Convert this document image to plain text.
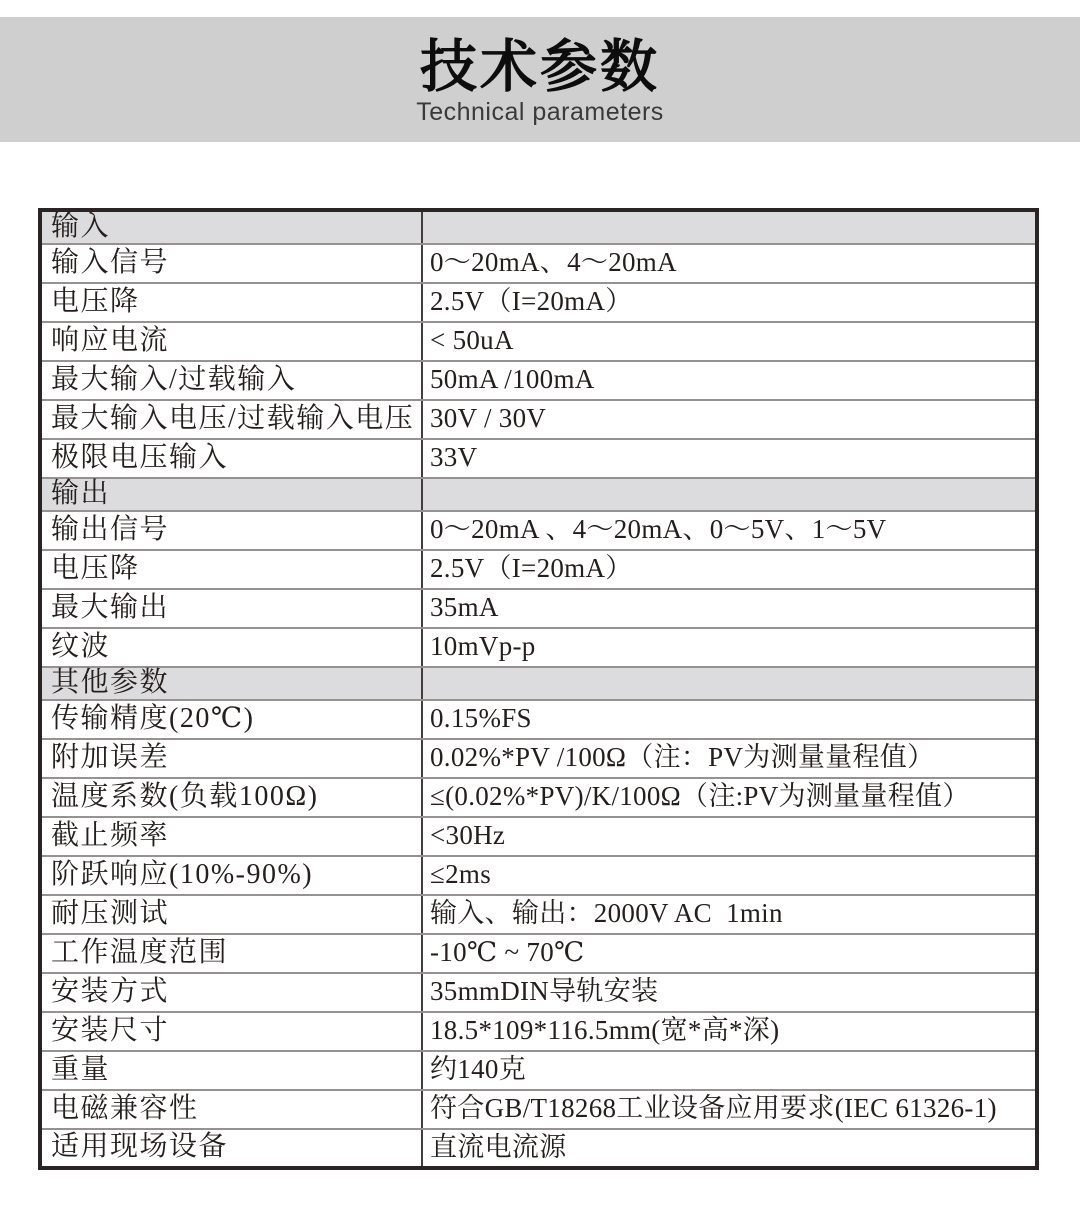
技术参数
Technical parameters
输入	
输入信号	0～20mA、4～20mA
电压降	2.5V（I=20mA）
响应电流	< 50uA
最大输入/过载输入	50mA /100mA
最大输入电压/过载输入电压	30V / 30V
极限电压输入	33V
输出	
输出信号	0～20mA 、4～20mA、0～5V、1～5V
电压降	2.5V（I=20mA）
最大输出	35mA
纹波	10mVp-p
其他参数	
传输精度(20℃)	0.15%FS
附加误差	0.02%*PV /100Ω（注：PV为测量量程值）
温度系数(负载100Ω)	≤(0.02%*PV)/K/100Ω（注:PV为测量量程值）
截止频率	<30Hz
阶跃响应(10%-90%)	≤2ms
耐压测试	输入、输出：2000V AC  1min
工作温度范围	-10℃ ~ 70℃
安装方式	35mmDIN导轨安装
安装尺寸	18.5*109*116.5mm(宽*高*深)
重量	约140克
电磁兼容性	符合GB/T18268工业设备应用要求(IEC 61326-1)
适用现场设备	直流电流源
